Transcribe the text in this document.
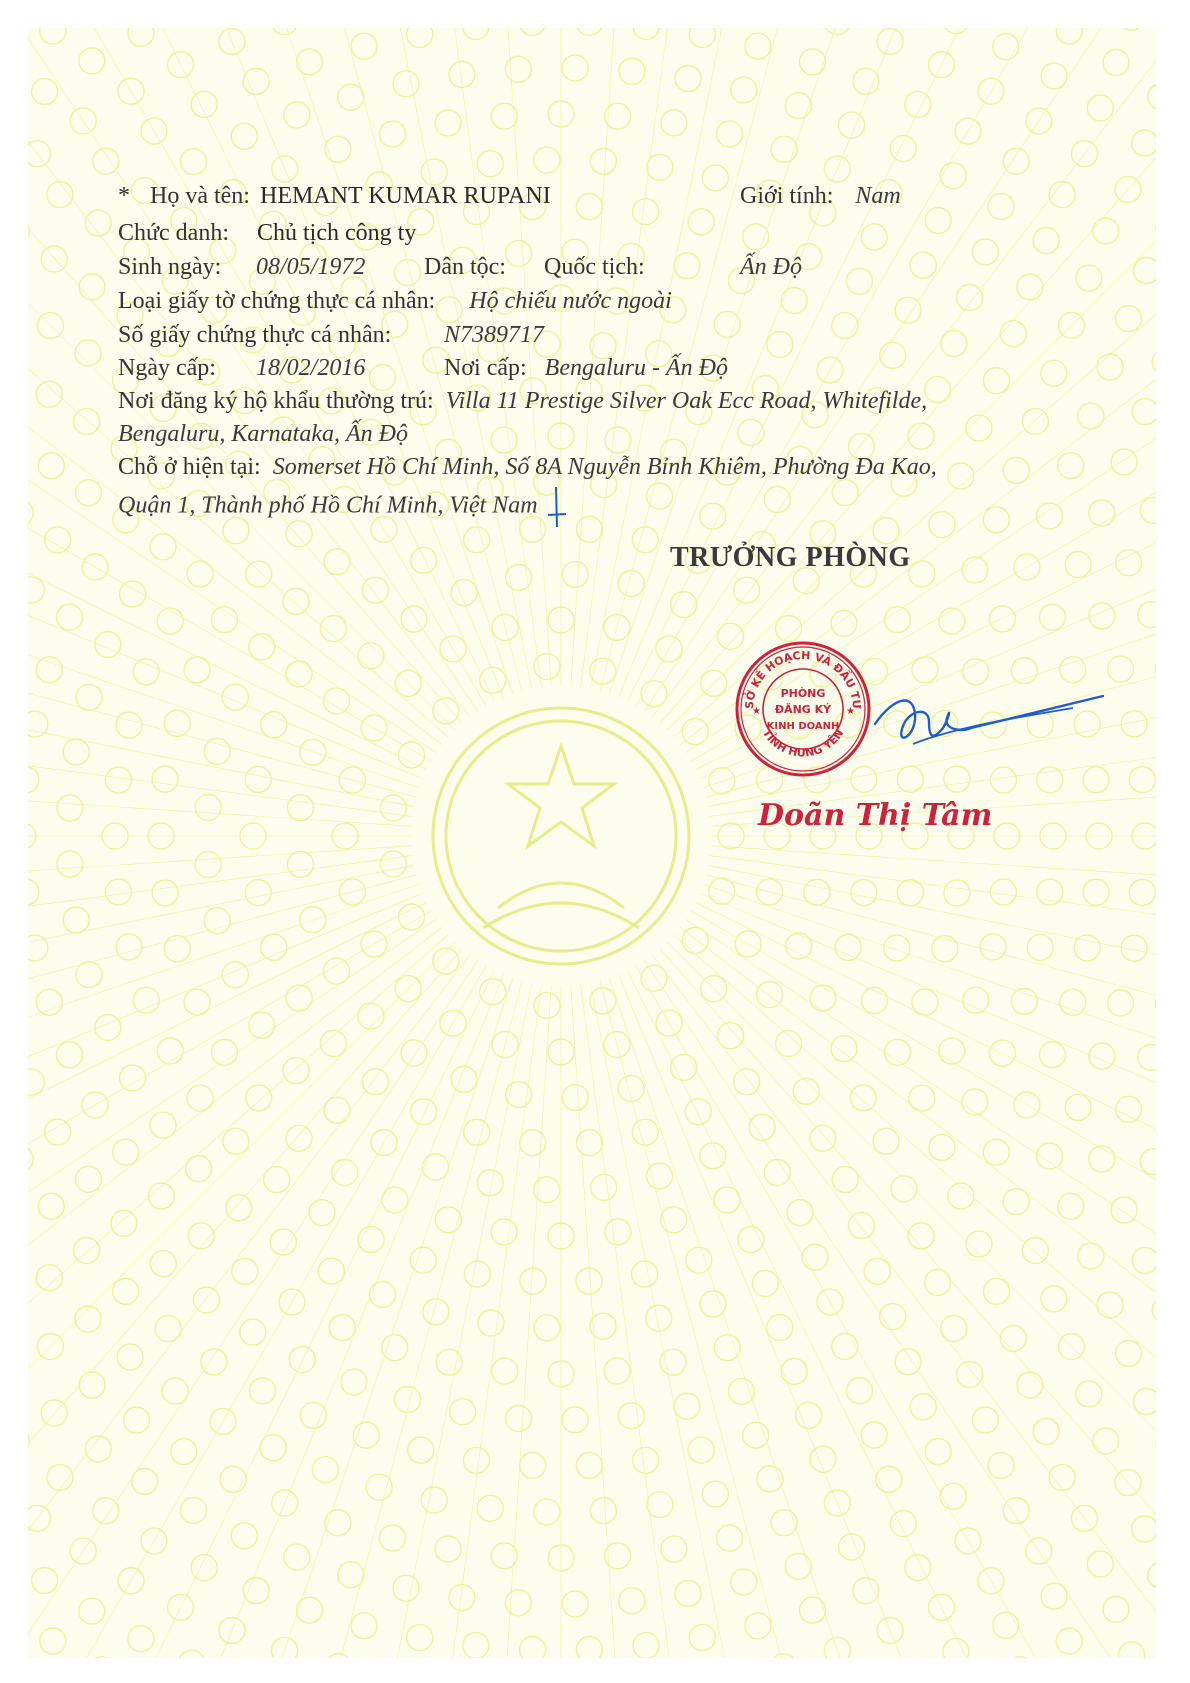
* Họ và tên: HEMANT KUMAR RUPANI	Giới tính: Nam
Chức danh: Chủ tịch công ty
Sinh ngày: 08/05/1972 Dân tộc: Quốc tịch:	Ấn Độ
Loại giấy tờ chứng thực cá nhân: Hộ chiếu nước ngoài
Số giấy chứng thực cá nhân: N7389717
Ngày cấp: 18/02/2016	Nơi cấp: Bengaluru - Ấn Độ
Nơi đăng ký hộ khẩu thường trú: Villa 11 Prestige Silver Oak Ecc Road, Whitefilde,
Bengaluru, Karnataka, Ấn Độ
Chỗ ở hiện tại: Somerset Hồ Chí Minh, Số 8A Nguyễn Bỉnh Khiêm, Phường Đa Kao,
Quận 1, Thành phố Hồ Chí Minh, Việt Nam
TRƯỞNG PHÒNG
SỞ KẾ HOẠCH VÀ ĐẦU TƯ
TỈNH HƯNG YÊN
PHÒNG
ĐĂNG KÝ
KINH DOANH
★	★
Doãn Thị Tâm
